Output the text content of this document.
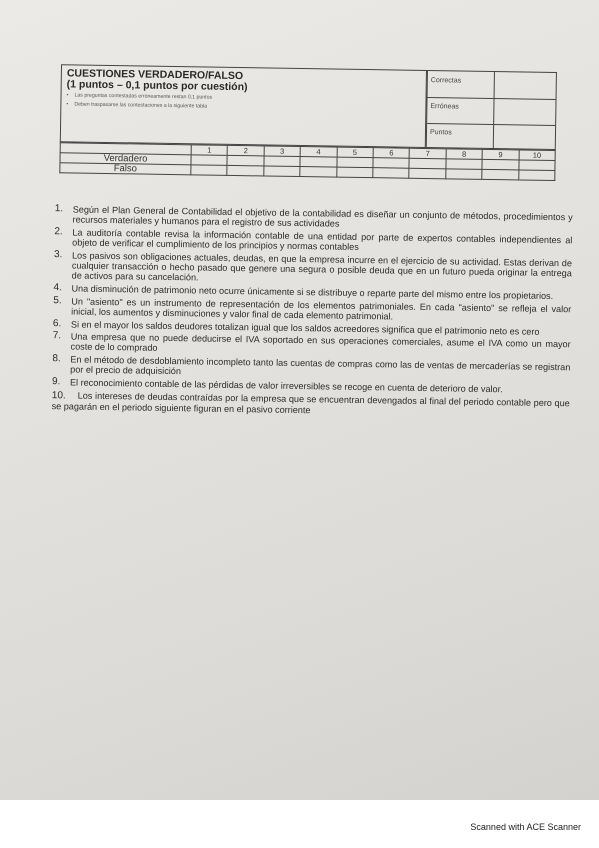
CUESTIONES VERDADERO/FALSO
(1 puntos – 0,1 puntos por cuestión)
• Las preguntas contestadas erróneamente restan 0,1 puntos
• Deben traspasarse las contestaciones a la siguiente tabla
Correctas
Erróneas
Puntos
	1	2	3	4	5	6	7	8	9	10
Verdadero										
Falso										
1. Según el Plan General de Contabilidad el objetivo de la contabilidad es diseñar un conjunto de métodos, procedimientos y recursos materiales y humanos para el registro de sus actividades
2. La auditoría contable revisa la información contable de una entidad por parte de expertos contables independientes al objeto de verificar el cumplimiento de los principios y normas contables
3. Los pasivos son obligaciones actuales, deudas, en que la empresa incurre en el ejercicio de su actividad. Estas derivan de cualquier transacción o hecho pasado que genere una segura o posible deuda que en un futuro pueda originar la entrega de activos para su cancelación.
4. Una disminución de patrimonio neto ocurre únicamente si se distribuye o reparte parte del mismo entre los propietarios.
5. Un "asiento" es un instrumento de representación de los elementos patrimoniales. En cada "asiento" se refleja el valor inicial, los aumentos y disminuciones y valor final de cada elemento patrimonial.
6. Si en el mayor los saldos deudores totalizan igual que los saldos acreedores significa que el patrimonio neto es cero
7. Una empresa que no puede deducirse el IVA soportado en sus operaciones comerciales, asume el IVA como un mayor coste de lo comprado
8. En el método de desdoblamiento incompleto tanto las cuentas de compras como las de ventas de mercaderías se registran por el precio de adquisición
9. El reconocimiento contable de las pérdidas de valor irreversibles se recoge en cuenta de deterioro de valor.
10. Los intereses de deudas contraídas por la empresa que se encuentran devengados al final del periodo contable pero que se pagarán en el periodo siguiente figuran en el pasivo corriente
Scanned with ACE Scanner
